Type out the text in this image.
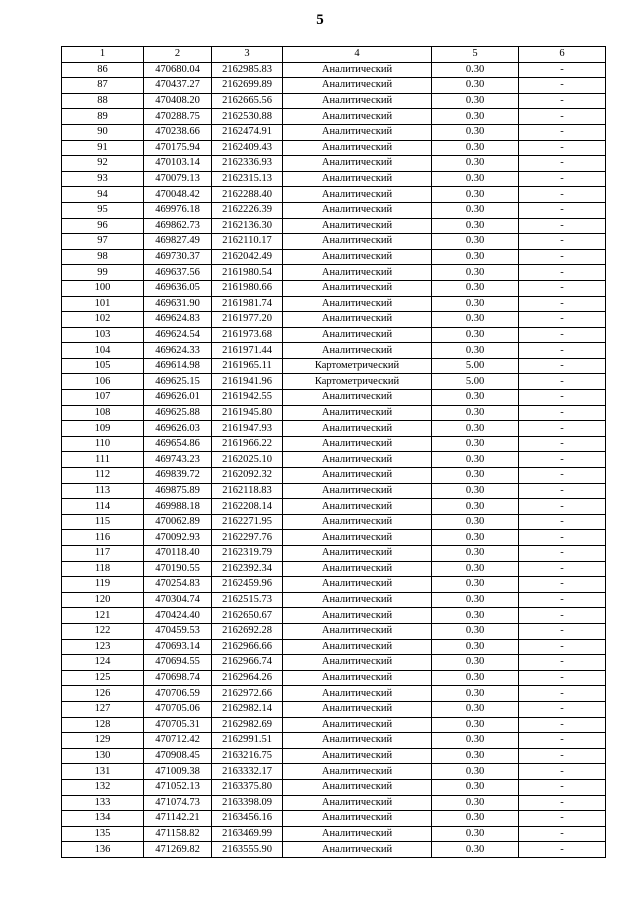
5
1	2	3	4	5	6
86	470680.04	2162985.83	Аналитический	0.30	-
87	470437.27	2162699.89	Аналитический	0.30	-
88	470408.20	2162665.56	Аналитический	0.30	-
89	470288.75	2162530.88	Аналитический	0.30	-
90	470238.66	2162474.91	Аналитический	0.30	-
91	470175.94	2162409.43	Аналитический	0.30	-
92	470103.14	2162336.93	Аналитический	0.30	-
93	470079.13	2162315.13	Аналитический	0.30	-
94	470048.42	2162288.40	Аналитический	0.30	-
95	469976.18	2162226.39	Аналитический	0.30	-
96	469862.73	2162136.30	Аналитический	0.30	-
97	469827.49	2162110.17	Аналитический	0.30	-
98	469730.37	2162042.49	Аналитический	0.30	-
99	469637.56	2161980.54	Аналитический	0.30	-
100	469636.05	2161980.66	Аналитический	0.30	-
101	469631.90	2161981.74	Аналитический	0.30	-
102	469624.83	2161977.20	Аналитический	0.30	-
103	469624.54	2161973.68	Аналитический	0.30	-
104	469624.33	2161971.44	Аналитический	0.30	-
105	469614.98	2161965.11	Картометрический	5.00	-
106	469625.15	2161941.96	Картометрический	5.00	-
107	469626.01	2161942.55	Аналитический	0.30	-
108	469625.88	2161945.80	Аналитический	0.30	-
109	469626.03	2161947.93	Аналитический	0.30	-
110	469654.86	2161966.22	Аналитический	0.30	-
111	469743.23	2162025.10	Аналитический	0.30	-
112	469839.72	2162092.32	Аналитический	0.30	-
113	469875.89	2162118.83	Аналитический	0.30	-
114	469988.18	2162208.14	Аналитический	0.30	-
115	470062.89	2162271.95	Аналитический	0.30	-
116	470092.93	2162297.76	Аналитический	0.30	-
117	470118.40	2162319.79	Аналитический	0.30	-
118	470190.55	2162392.34	Аналитический	0.30	-
119	470254.83	2162459.96	Аналитический	0.30	-
120	470304.74	2162515.73	Аналитический	0.30	-
121	470424.40	2162650.67	Аналитический	0.30	-
122	470459.53	2162692.28	Аналитический	0.30	-
123	470693.14	2162966.66	Аналитический	0.30	-
124	470694.55	2162966.74	Аналитический	0.30	-
125	470698.74	2162964.26	Аналитический	0.30	-
126	470706.59	2162972.66	Аналитический	0.30	-
127	470705.06	2162982.14	Аналитический	0.30	-
128	470705.31	2162982.69	Аналитический	0.30	-
129	470712.42	2162991.51	Аналитический	0.30	-
130	470908.45	2163216.75	Аналитический	0.30	-
131	471009.38	2163332.17	Аналитический	0.30	-
132	471052.13	2163375.80	Аналитический	0.30	-
133	471074.73	2163398.09	Аналитический	0.30	-
134	471142.21	2163456.16	Аналитический	0.30	-
135	471158.82	2163469.99	Аналитический	0.30	-
136	471269.82	2163555.90	Аналитический	0.30	-
